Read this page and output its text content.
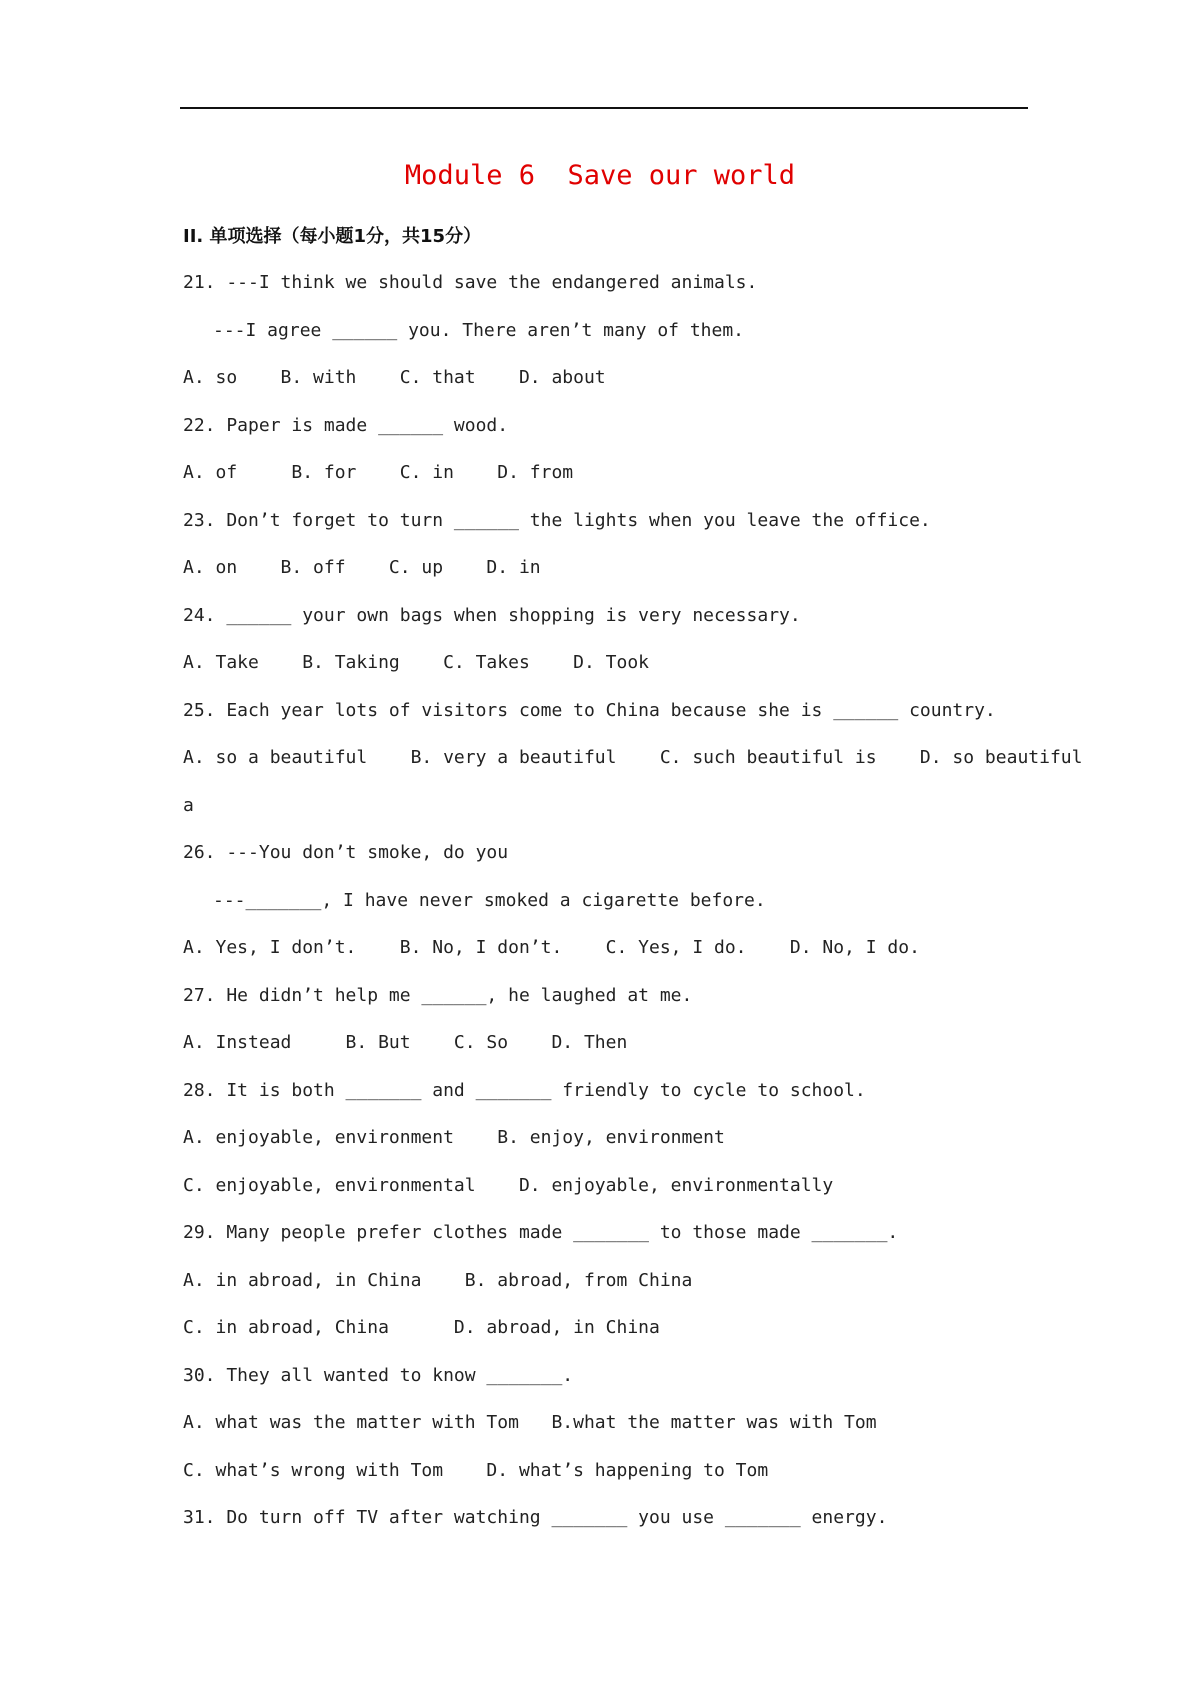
Module 6  Save our world
II. 单项选择（每小题1分，共15分）
21. ---I think we should save the endangered animals.
---I agree ______ you. There aren’t many of them.
A. so    B. with    C. that    D. about
22. Paper is made ______ wood.
A. of     B. for    C. in    D. from
23. Don’t forget to turn ______ the lights when you leave the office.
A. on    B. off    C. up    D. in
24. ______ your own bags when shopping is very necessary.
A. Take    B. Taking    C. Takes    D. Took
25. Each year lots of visitors come to China because she is ______ country.
A. so a beautiful    B. very a beautiful    C. such beautiful is    D. so beautiful
a
26. ---You don’t smoke, do you
---_______, I have never smoked a cigarette before.
A. Yes, I don’t.    B. No, I don’t.    C. Yes, I do.    D. No, I do.
27. He didn’t help me ______, he laughed at me.
A. Instead     B. But    C. So    D. Then
28. It is both _______ and _______ friendly to cycle to school.
A. enjoyable, environment    B. enjoy, environment
C. enjoyable, environmental    D. enjoyable, environmentally
29. Many people prefer clothes made _______ to those made _______.
A. in abroad, in China    B. abroad, from China
C. in abroad, China      D. abroad, in China
30. They all wanted to know _______.
A. what was the matter with Tom   B.what the matter was with Tom
C. what’s wrong with Tom    D. what’s happening to Tom
31. Do turn off TV after watching _______ you use _______ energy.
